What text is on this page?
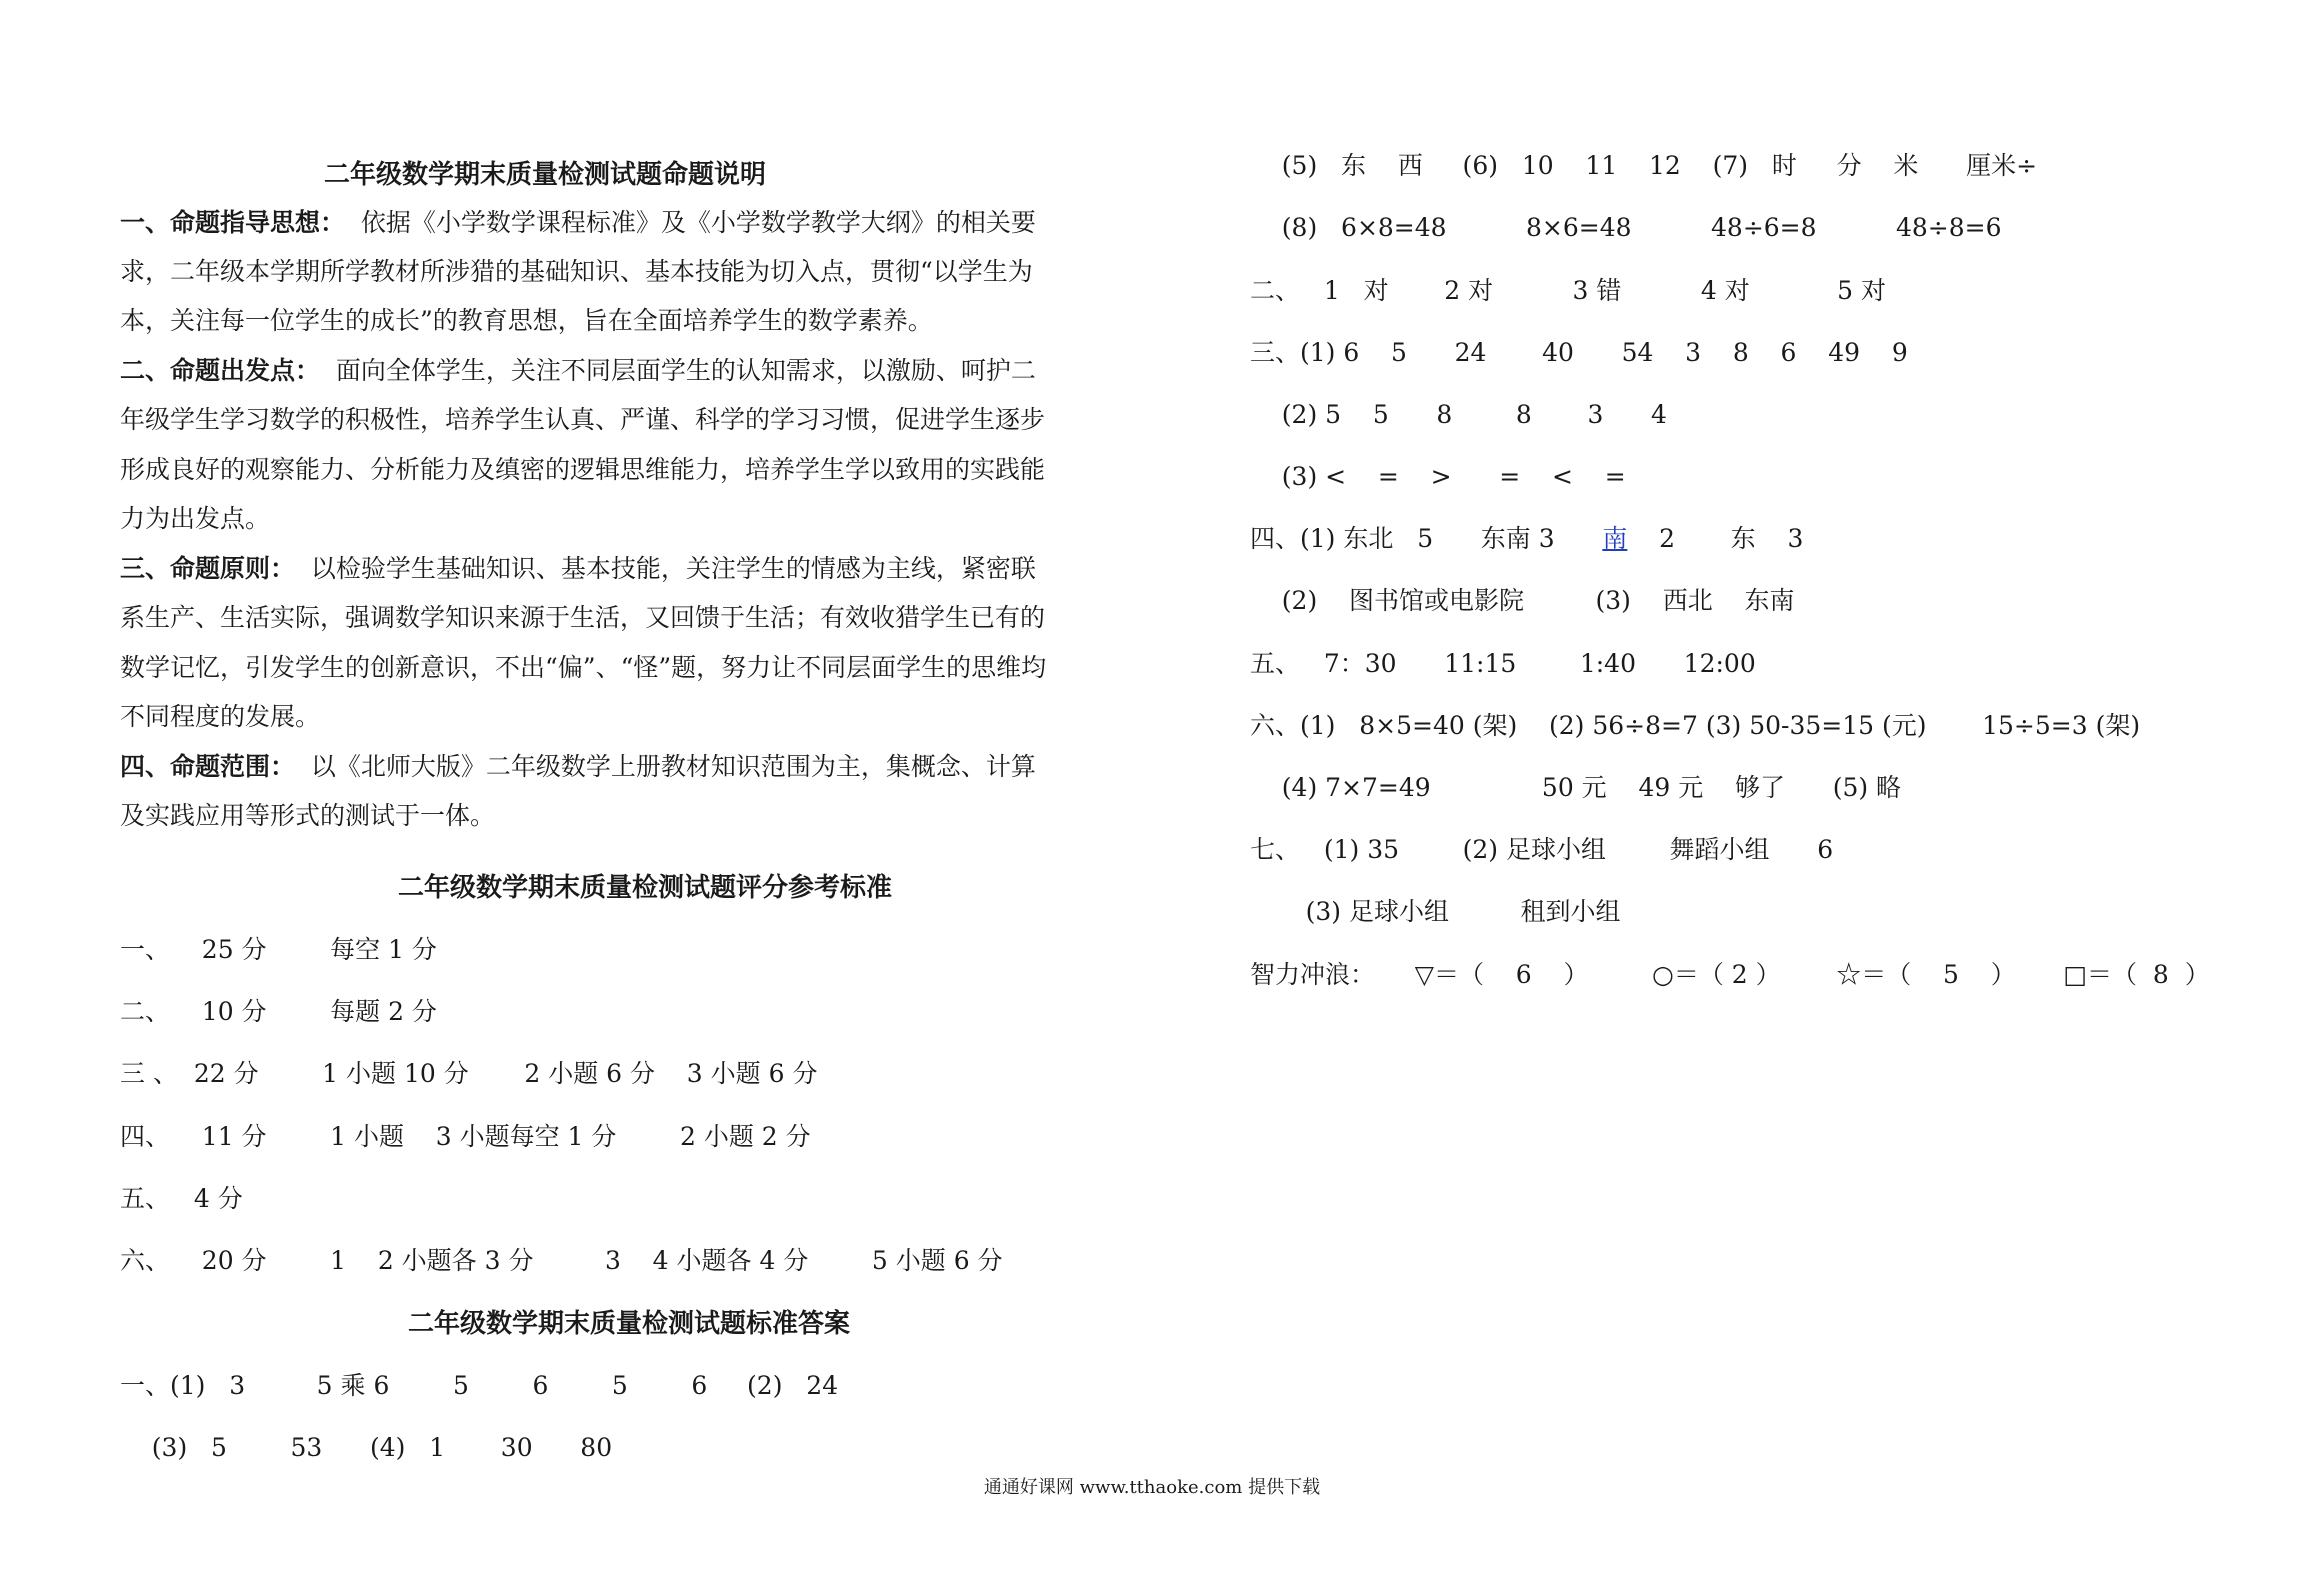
二年级数学期末质量检测试题命题说明
一、命题指导思想：  依据《小学数学课程标准》及《小学数学教学大纲》的相关要
求，二年级本学期所学教材所涉猎的基础知识、基本技能为切入点，贯彻“以学生为
本，关注每一位学生的成长”的教育思想，旨在全面培养学生的数学素养。
二、命题出发点：  面向全体学生，关注不同层面学生的认知需求，以激励、呵护二
年级学生学习数学的积极性，培养学生认真、严谨、科学的学习习惯，促进学生逐步
形成良好的观察能力、分析能力及缜密的逻辑思维能力，培养学生学以致用的实践能
力为出发点。
三、命题原则：  以检验学生基础知识、基本技能，关注学生的情感为主线，紧密联
系生产、生活实际，强调数学知识来源于生活，又回馈于生活；有效收猎学生已有的
数学记忆，引发学生的创新意识，不出“偏”、“怪”题，努力让不同层面学生的思维均
不同程度的发展。
四、命题范围：  以《北师大版》二年级数学上册教材知识范围为主，集概念、计算
及实践应用等形式的测试于一体。
二年级数学期末质量检测试题评分参考标准
一、    25 分        每空 1 分
二、    10 分        每题 2 分
三 、  22 分        1 小题 10 分       2 小题 6 分    3 小题 6 分
四、    11 分        1 小题    3 小题每空 1 分        2 小题 2 分
五、   4 分
六、    20 分        1    2 小题各 3 分         3    4 小题各 4 分        5 小题 6 分
二年级数学期末质量检测试题标准答案
一、(1)   3         5 乘 6        5        6        5        6     (2)   24
(3)   5        53      (4)   1       30      80
(5)   东    西     (6)   10    11    12    (7)   时     分    米      厘米÷
(8)   6×8=48          8×6=48          48÷6=8          48÷8=6
二、   1   对       2 对          3 错          4 对           5 对
三、(1) 6    5      24       40      54    3    8    6    49    9
(2) 5    5      8        8       3      4
(3) <    =    >      =    <    =
四、(1) 东北   5      东南 3      南    2       东    3
(2)    图书馆或电影院         (3)    西北    东南
五、   7：30      11:15        1:40      12:00
六、(1)   8×5=40 (架)    (2) 56÷8=7 (3) 50-35=15 (元)       15÷5=3 (架)
(4) 7×7=49              50 元    49 元    够了      (5) 略
七、   (1) 35        (2) 足球小组        舞蹈小组      6
(3) 足球小组         租到小组
智力冲浪：     ▽＝（    6    ）        ○＝（ 2 ）       ☆＝（    5    ）      □＝（  8  ）
通通好课网 www.tthaoke.com 提供下载
